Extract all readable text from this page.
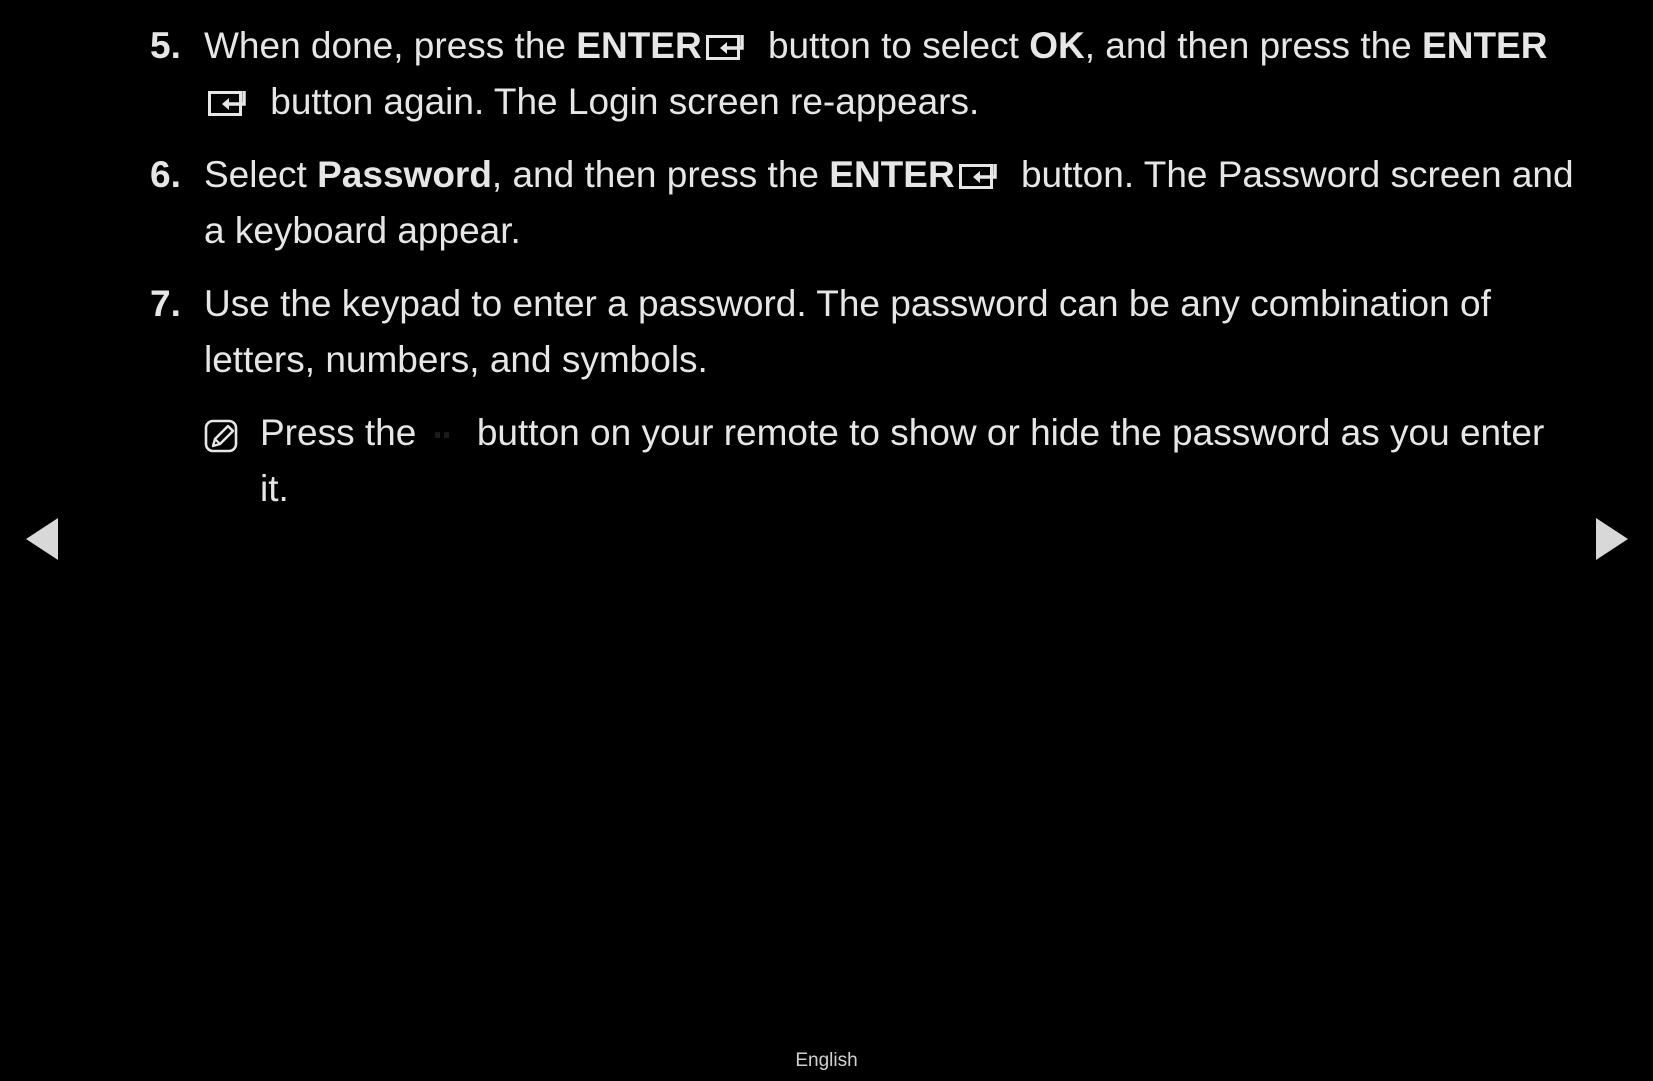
5. When done, press the ENTER button to select OK, and then press the ENTER button again. The Login screen re-appears.
6. Select Password, and then press the ENTER button. The Password screen and a keyboard appear.
7. Use the keypad to enter a password. The password can be any combination of letters, numbers, and symbols.
Press the  button on your remote to show or hide the password as you enter it.
English
